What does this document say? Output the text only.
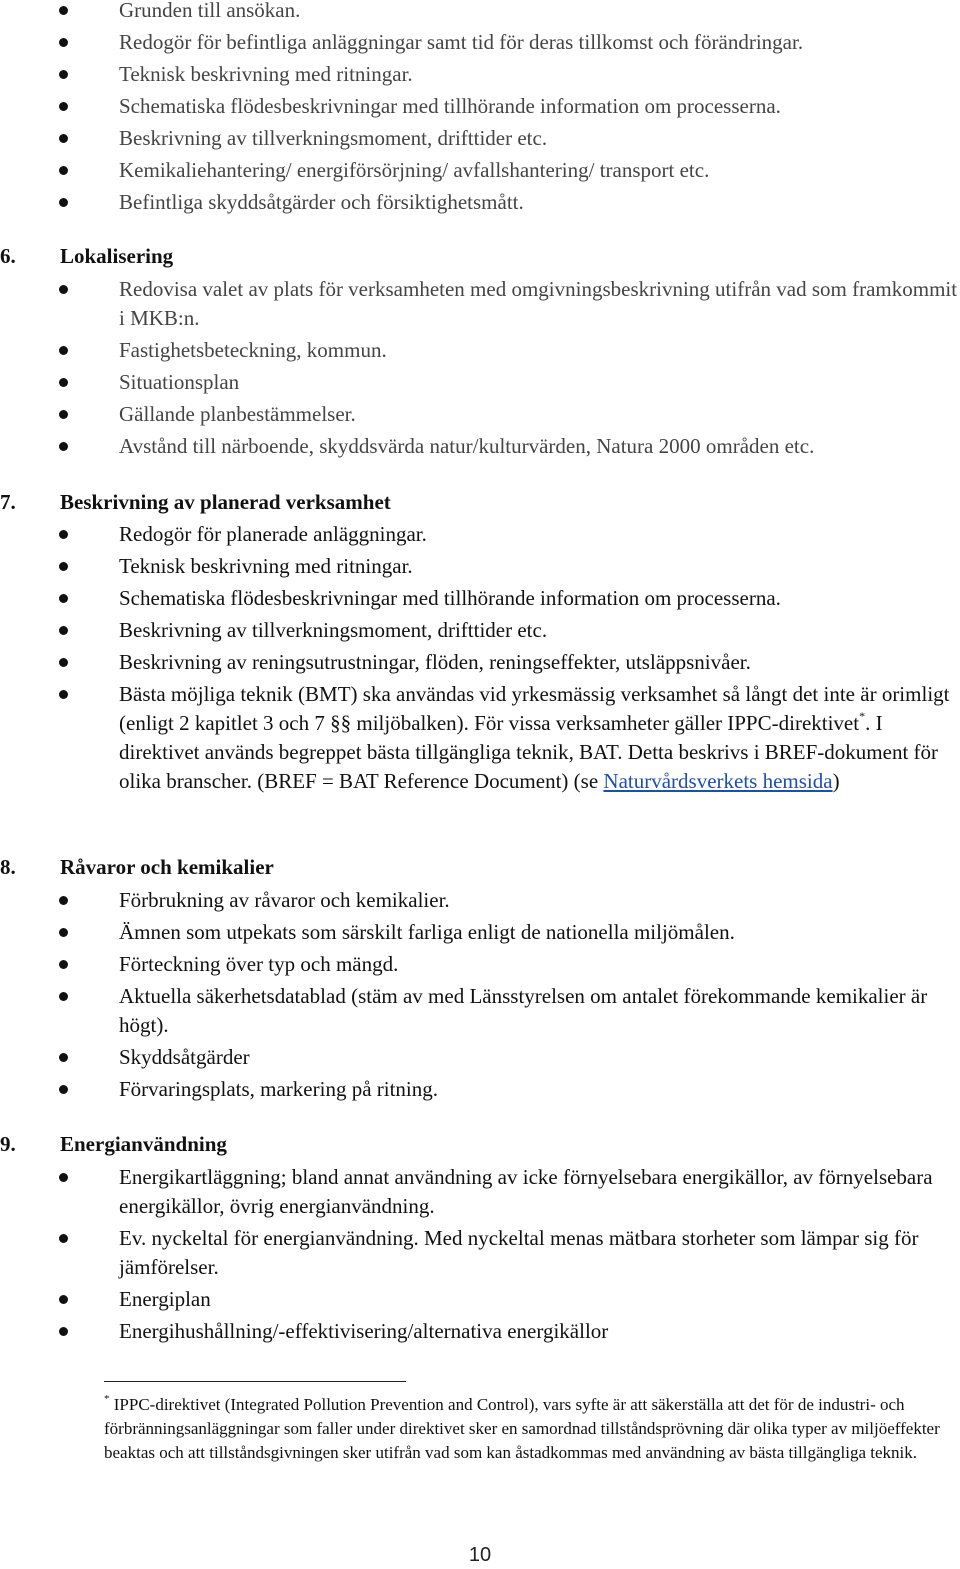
Grunden till ansökan.
Redogör för befintliga anläggningar samt tid för deras tillkomst och förändringar.
Teknisk beskrivning med ritningar.
Schematiska flödesbeskrivningar med tillhörande information om processerna.
Beskrivning av tillverkningsmoment, drifttider etc.
Kemikaliehantering/ energiförsörjning/ avfallshantering/ transport etc.
Befintliga skyddsåtgärder och försiktighetsmått.
6. Lokalisering
Redovisa valet av plats för verksamheten med omgivningsbeskrivning utifrån vad som framkommit i MKB:n.
Fastighetsbeteckning, kommun.
Situationsplan
Gällande planbestämmelser.
Avstånd till närboende, skyddsvärda natur/kulturvärden, Natura 2000 områden etc.
7. Beskrivning av planerad verksamhet
Redogör för planerade anläggningar.
Teknisk beskrivning med ritningar.
Schematiska flödesbeskrivningar med tillhörande information om processerna.
Beskrivning av tillverkningsmoment, drifttider etc.
Beskrivning av reningsutrustningar, flöden, reningseffekter, utsläppsnivåer.
Bästa möjliga teknik (BMT) ska användas vid yrkesmässig verksamhet så långt det inte är orimligt (enligt 2 kapitlet 3 och 7 §§ miljöbalken). För vissa verksamheter gäller IPPC-direktivet*. I direktivet används begreppet bästa tillgängliga teknik, BAT. Detta beskrivs i BREF-dokument för olika branscher. (BREF = BAT Reference Document) (se Naturvårdsverkets hemsida)
8. Råvaror och kemikalier
Förbrukning av råvaror och kemikalier.
Ämnen som utpekats som särskilt farliga enligt de nationella miljömålen.
Förteckning över typ och mängd.
Aktuella säkerhetsdatablad (stäm av med Länsstyrelsen om antalet förekommande kemikalier är högt).
Skyddsåtgärder
Förvaringsplats, markering på ritning.
9. Energianvändning
Energikartläggning; bland annat användning av icke förnyelsebara energikällor, av förnyelsebara energikällor, övrig energianvändning.
Ev. nyckeltal för energianvändning. Med nyckeltal menas mätbara storheter som lämpar sig för jämförelser.
Energiplan
Energihushållning/-effektivisering/alternativa energikällor
* IPPC-direktivet (Integrated Pollution Prevention and Control), vars syfte är att säkerställa att det för de industri- och förbränningsanläggningar som faller under direktivet sker en samordnad tillståndsprövning där olika typer av miljöeffekter beaktas och att tillståndsgivningen sker utifrån vad som kan åstadkommas med användning av bästa tillgängliga teknik.
10
